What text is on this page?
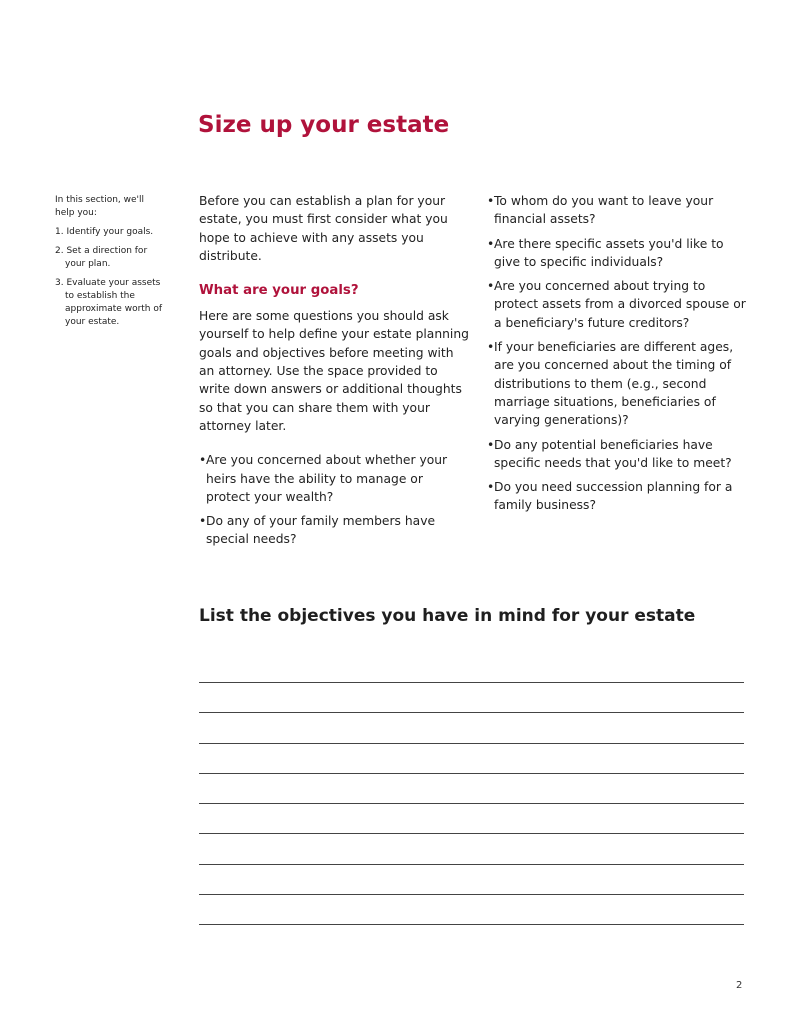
Size up your estate

In this section, we'll help you:

1. Identify your goals.
2. Set a direction for your plan.
3. Evaluate your assets to establish the approximate worth of your estate.

Before you can establish a plan for your estate, you must first consider what you hope to achieve with any assets you distribute.

What are your goals?

Here are some questions you should ask yourself to help define your estate planning goals and objectives before meeting with an attorney. Use the space provided to write down answers or additional thoughts so that you can share them with your attorney later.

•Are you concerned about whether your heirs have the ability to manage or protect your wealth?
•Do any of your family members have special needs?
•To whom do you want to leave your financial assets?
•Are there specific assets you'd like to give to specific individuals?
•Are you concerned about trying to protect assets from a divorced spouse or a beneficiary's future creditors?
•If your beneficiaries are different ages, are you concerned about the timing of distributions to them (e.g., second marriage situations, beneficiaries of varying generations)?
•Do any potential beneficiaries have specific needs that you'd like to meet?
•Do you need succession planning for a family business?
List the objectives you have in mind for your estate
2
